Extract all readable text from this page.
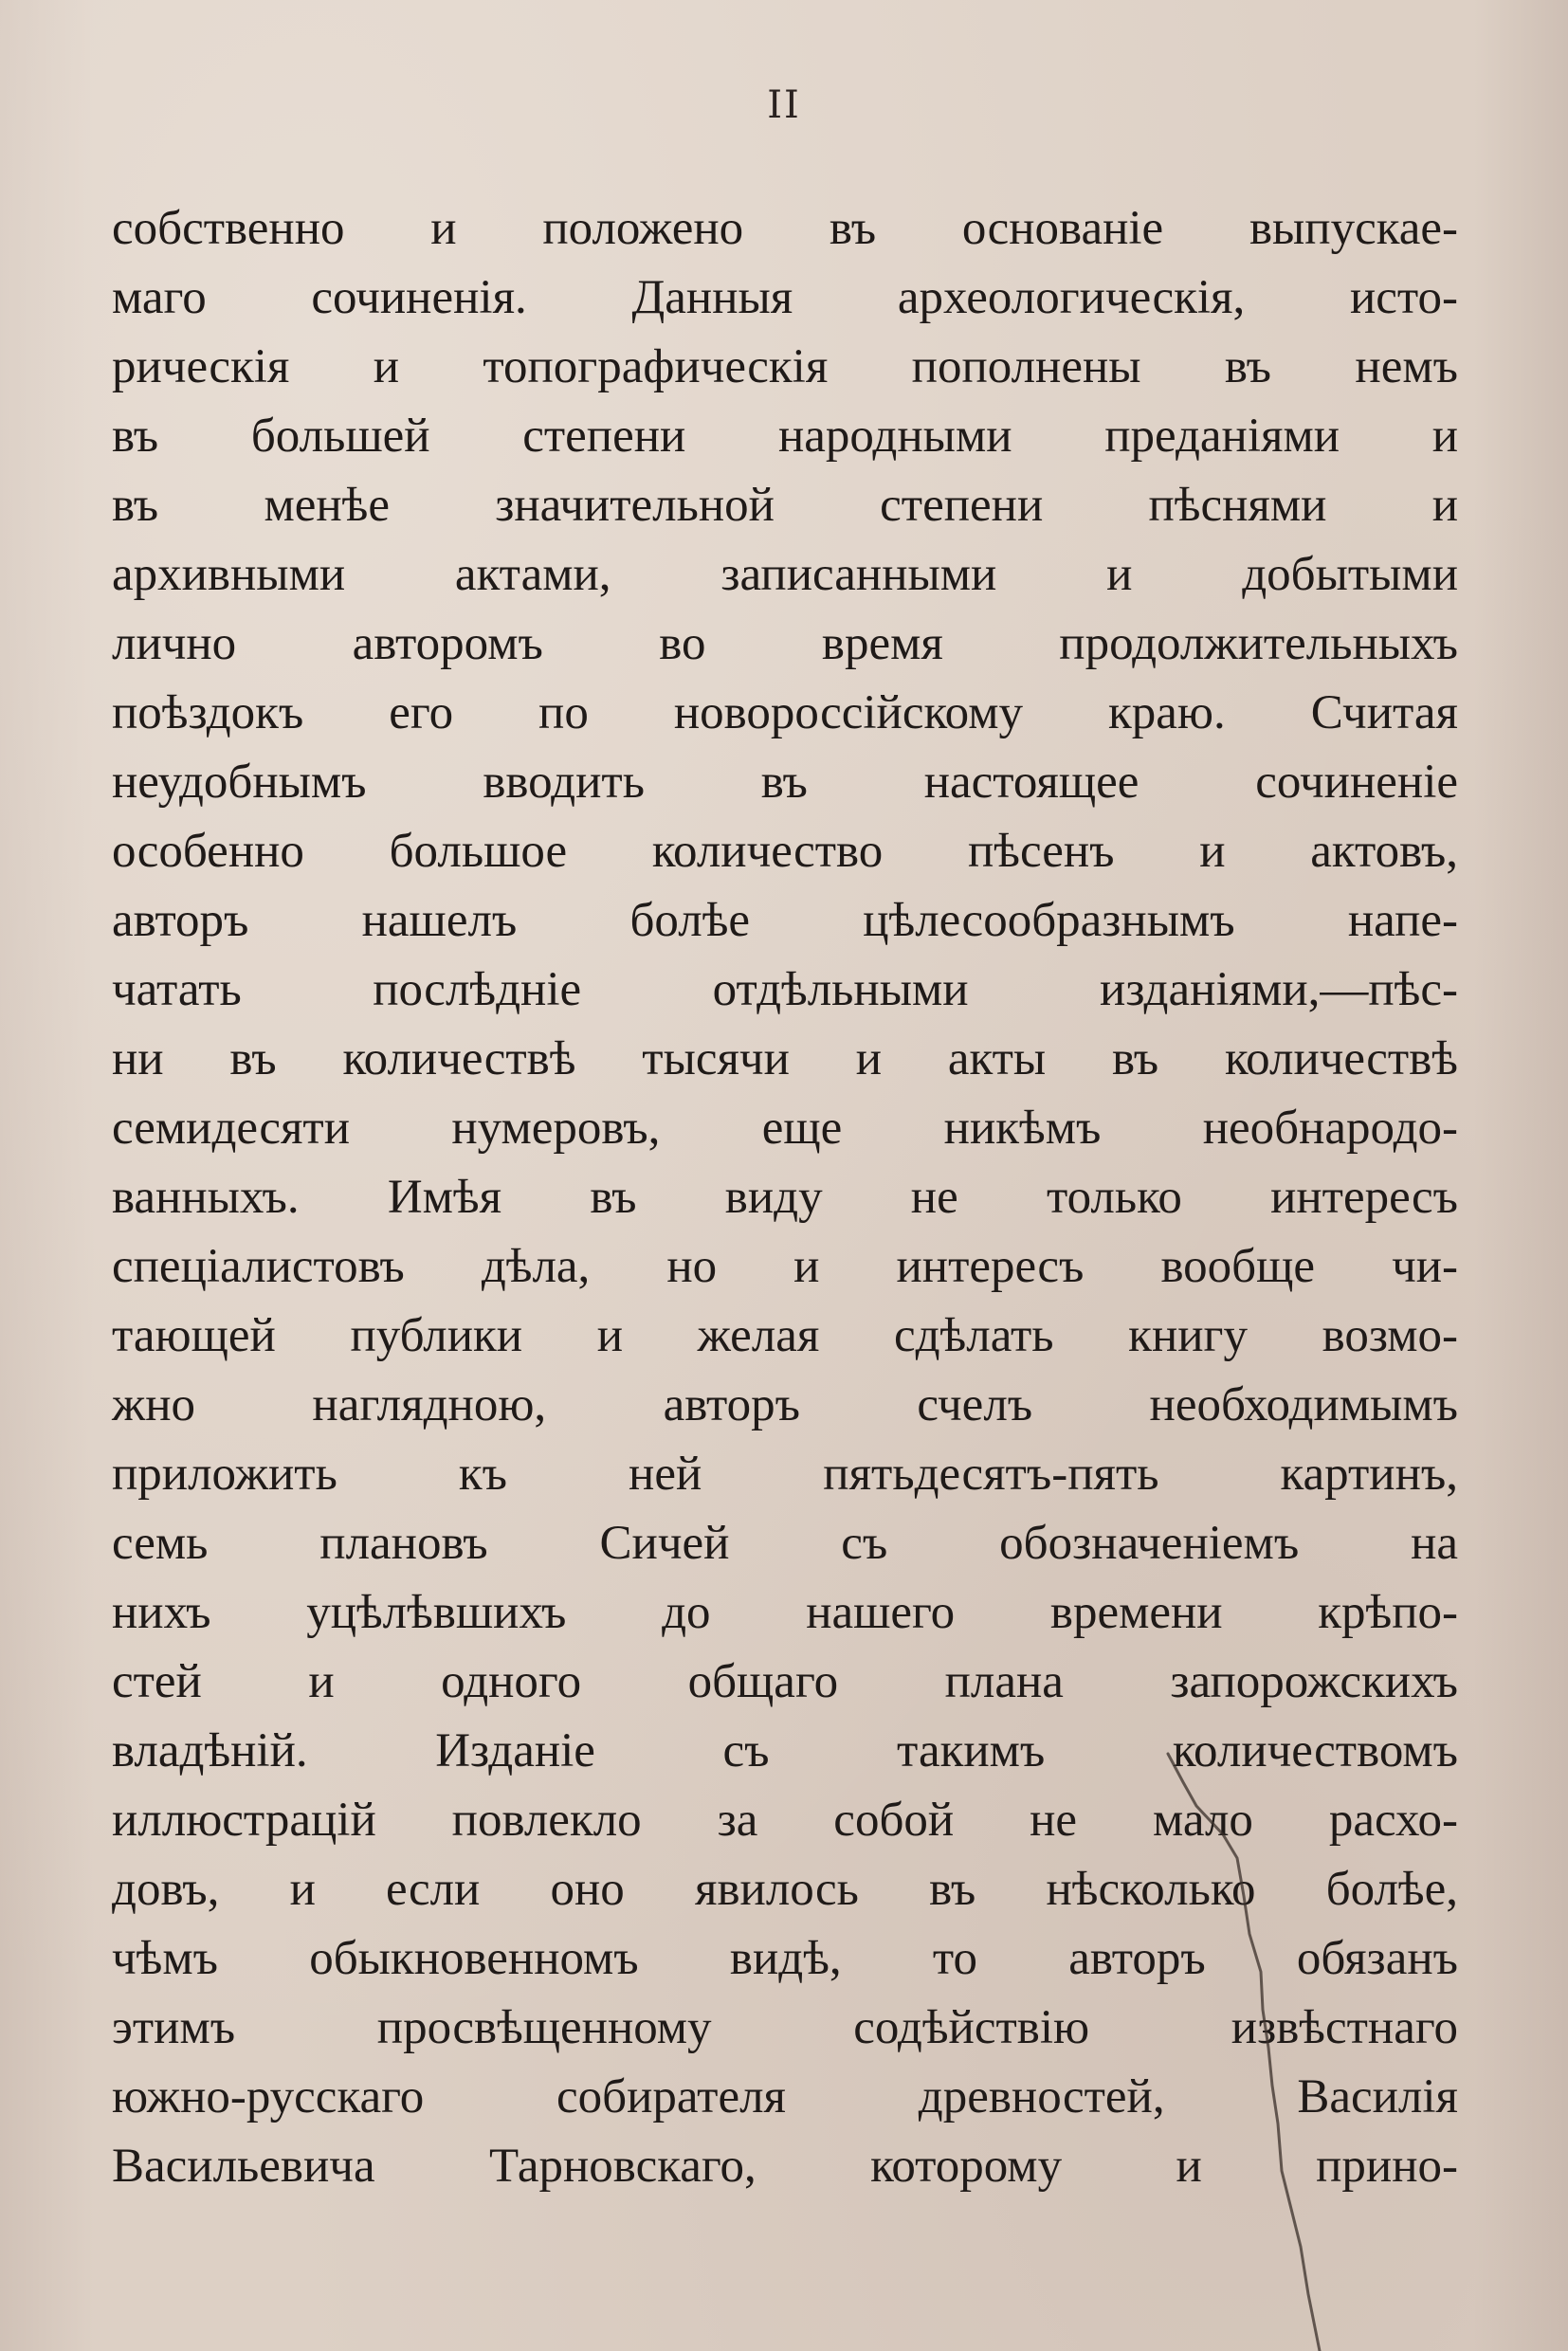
II
собственно и положено въ основаніе выпускае-
маго сочиненія. Данныя археологическія, исто-
рическія и топографическія пополнены въ немъ
въ большей степени народными преданіями и
въ менѣе значительной степени пѣснями и
архивными актами, записанными и добытыми
лично авторомъ во время продолжительныхъ
поѣздокъ его по новороссійскому краю. Считая
неудобнымъ вводить въ настоящее сочиненіе
особенно большое количество пѣсенъ и актовъ,
авторъ нашелъ болѣе цѣлесообразнымъ напе-
чатать послѣдніе отдѣльными изданіями,—пѣс-
ни въ количествѣ тысячи и акты въ количествѣ
семидесяти нумеровъ, еще никѣмъ необнародо-
ванныхъ. Имѣя въ виду не только интересъ
спеціалистовъ дѣла, но и интересъ вообще чи-
тающей публики и желая сдѣлать книгу возмо-
жно наглядною, авторъ счелъ необходимымъ
приложить къ ней пятьдесятъ-пять картинъ,
семь плановъ Сичей съ обозначеніемъ на
нихъ уцѣлѣвшихъ до нашего времени крѣпо-
стей и одного общаго плана запорожскихъ
владѣній. Изданіе съ такимъ количествомъ
иллюстрацій повлекло за собой не мало расхо-
довъ, и если оно явилось въ нѣсколько болѣе,
чѣмъ обыкновенномъ видѣ, то авторъ обязанъ
этимъ просвѣщенному содѣйствію извѣстнаго
южно-русскаго собирателя древностей, Василія
Васильевича Тарновскаго, которому и прино-
